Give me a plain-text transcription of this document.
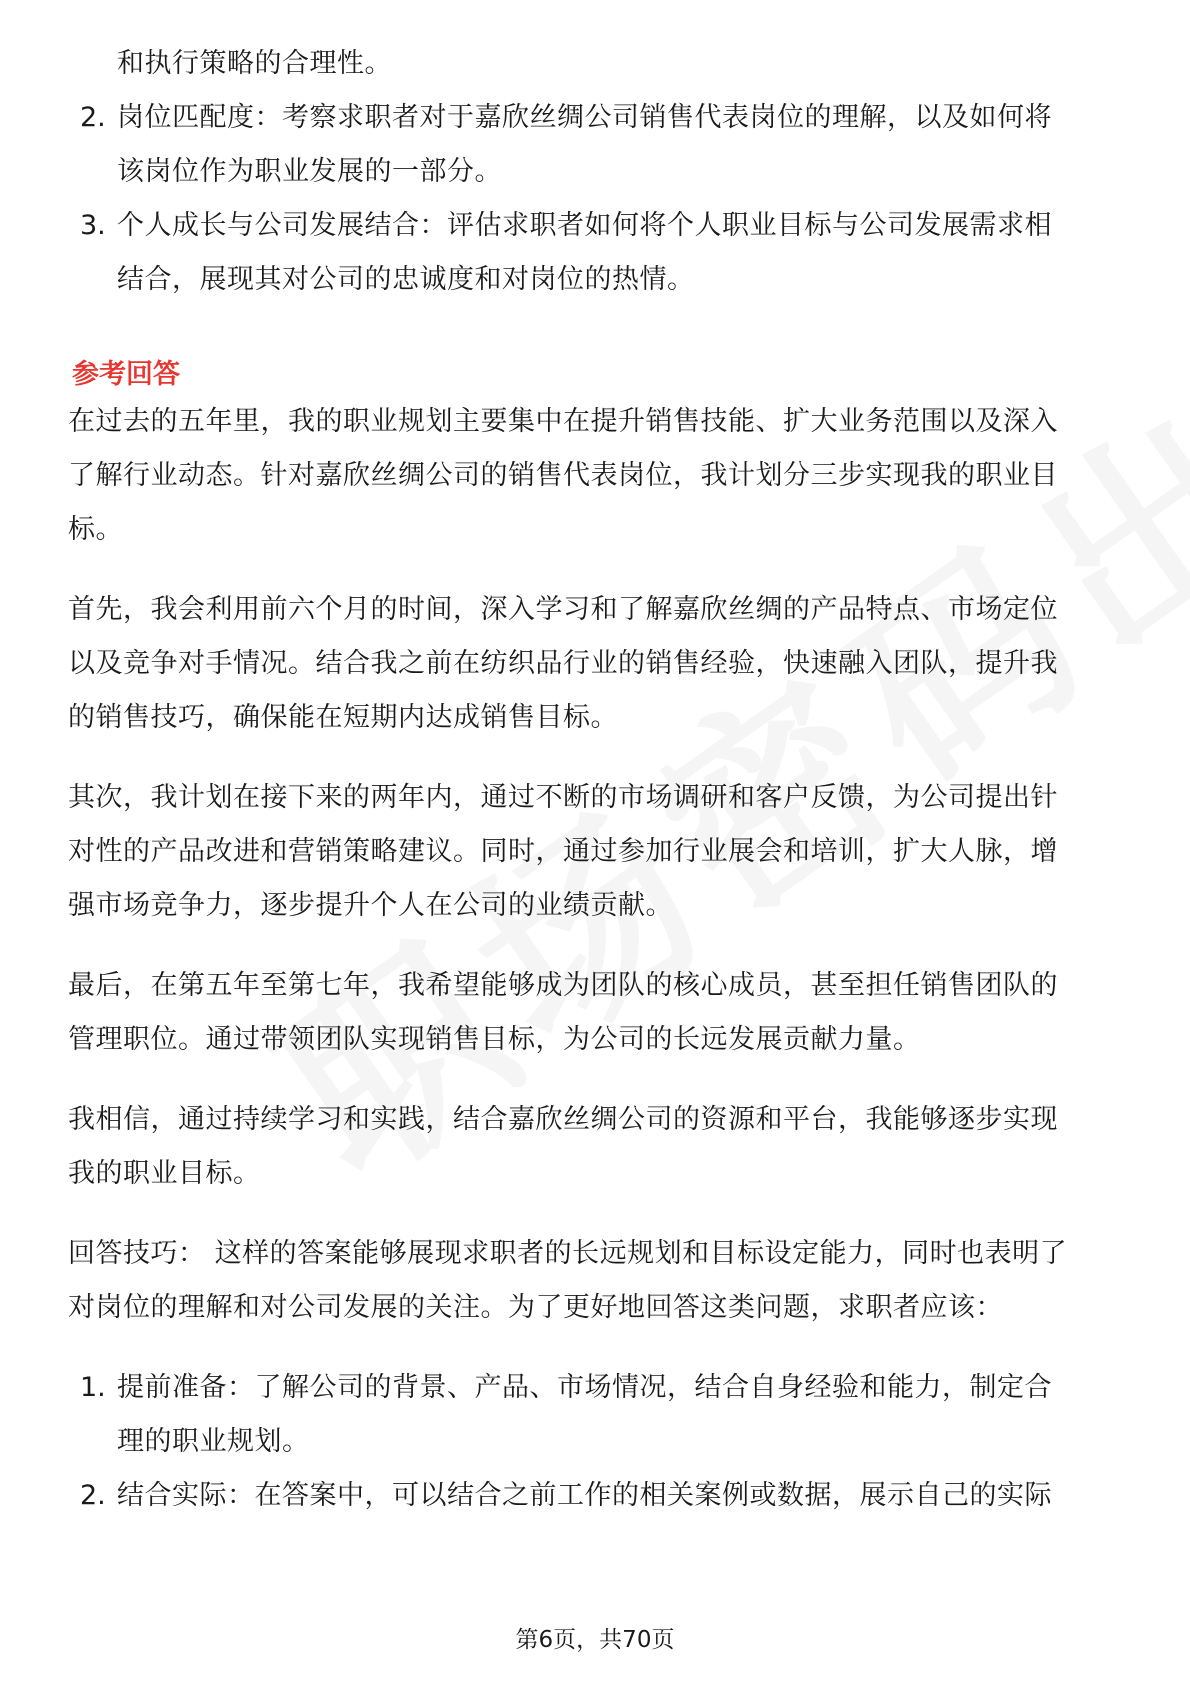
和执行策略的合理性。
2. 岗位匹配度：考察求职者对于嘉欣丝绸公司销售代表岗位的理解，以及如何将
该岗位作为职业发展的一部分。
3. 个人成长与公司发展结合：评估求职者如何将个人职业目标与公司发展需求相
结合，展现其对公司的忠诚度和对岗位的热情。
参考回答
在过去的五年里，我的职业规划主要集中在提升销售技能、扩大业务范围以及深入
了解行业动态。针对嘉欣丝绸公司的销售代表岗位，我计划分三步实现我的职业目
标。
首先，我会利用前六个月的时间，深入学习和了解嘉欣丝绸的产品特点、市场定位
以及竞争对手情况。结合我之前在纺织品行业的销售经验，快速融入团队，提升我
的销售技巧，确保能在短期内达成销售目标。
其次，我计划在接下来的两年内，通过不断的市场调研和客户反馈，为公司提出针
对性的产品改进和营销策略建议。同时，通过参加行业展会和培训，扩大人脉，增
强市场竞争力，逐步提升个人在公司的业绩贡献。
最后，在第五年至第七年，我希望能够成为团队的核心成员，甚至担任销售团队的
管理职位。通过带领团队实现销售目标，为公司的长远发展贡献力量。
我相信，通过持续学习和实践，结合嘉欣丝绸公司的资源和平台，我能够逐步实现
我的职业目标。
回答技巧： 这样的答案能够展现求职者的长远规划和目标设定能力，同时也表明了
对岗位的理解和对公司发展的关注。为了更好地回答这类问题，求职者应该：
1. 提前准备：了解公司的背景、产品、市场情况，结合自身经验和能力，制定合
理的职业规划。
2. 结合实际：在答案中，可以结合之前工作的相关案例或数据，展示自己的实际
第6页，共70页
